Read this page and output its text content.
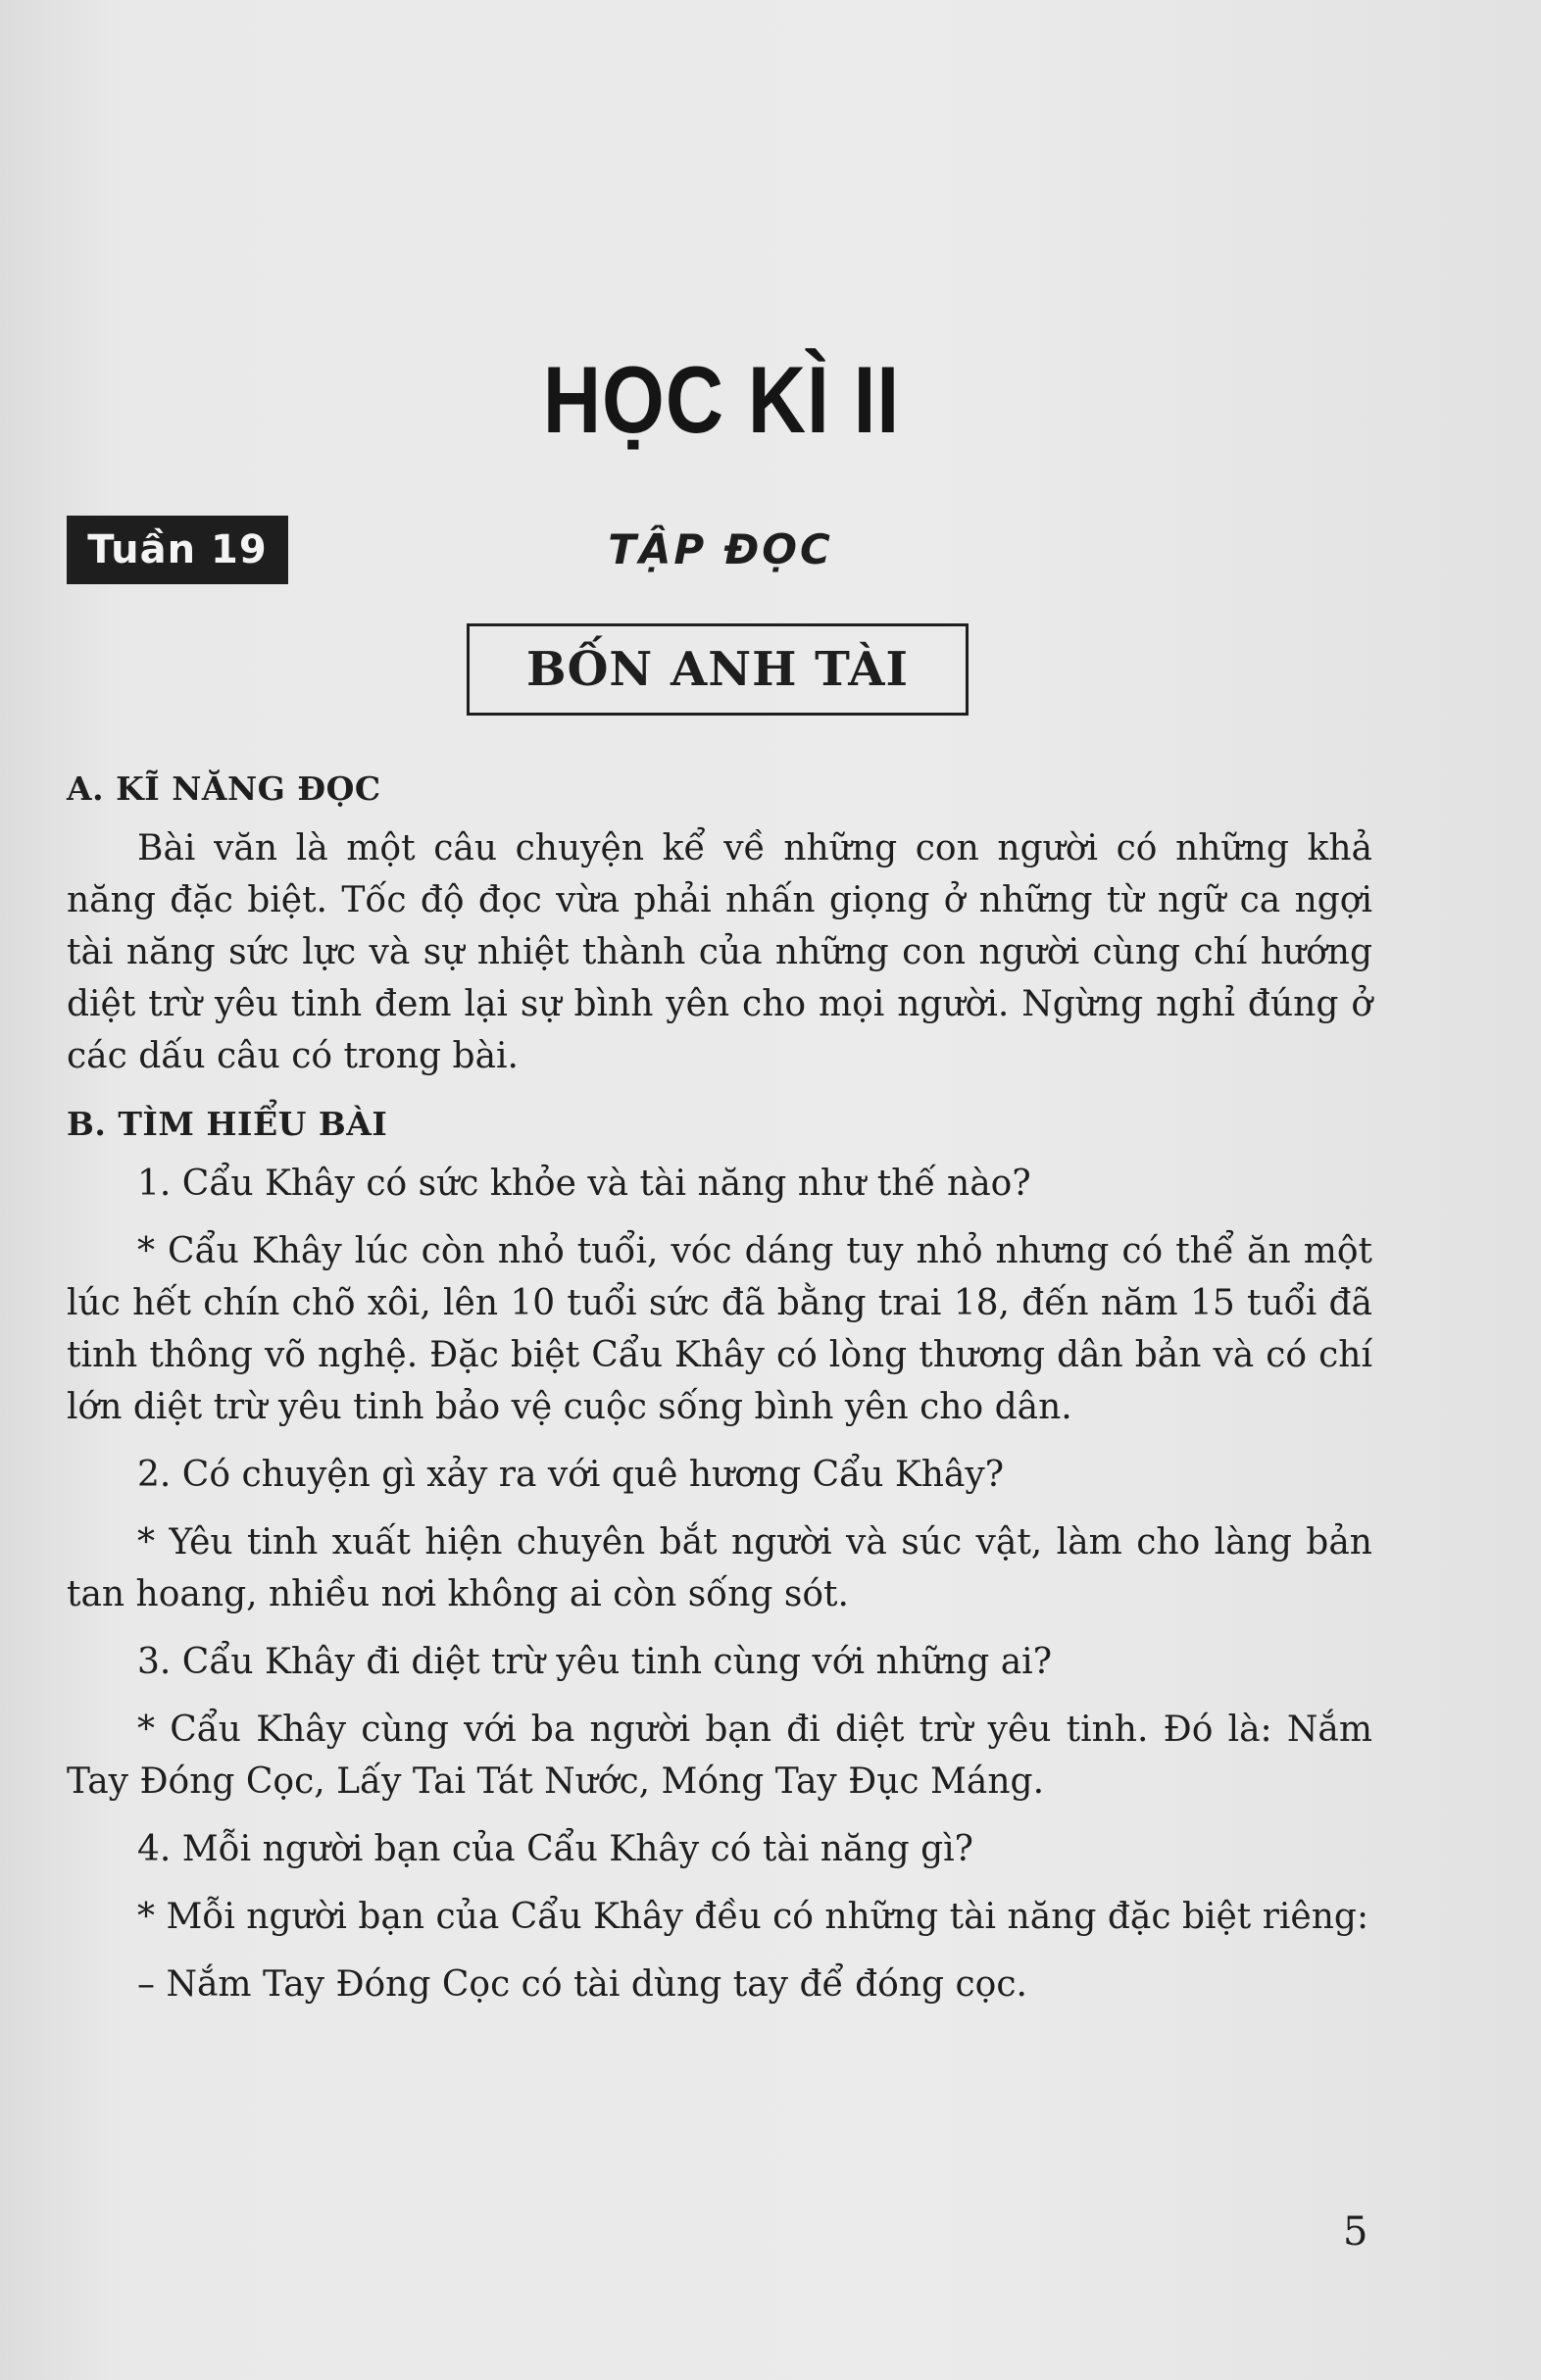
HỌC KÌ II
Tuần 19	TẬP ĐỌC
BỐN ANH TÀI
A. KĨ NĂNG ĐỌC

Bài văn là một câu chuyện kể về những con người có những khả năng đặc biệt. Tốc độ đọc vừa phải nhấn giọng ở những từ ngữ ca ngợi tài năng sức lực và sự nhiệt thành của những con người cùng chí hướng diệt trừ yêu tinh đem lại sự bình yên cho mọi người. Ngừng nghỉ đúng ở các dấu câu có trong bài.

B. TÌM HIỂU BÀI

1. Cẩu Khây có sức khỏe và tài năng như thế nào?

* Cẩu Khây lúc còn nhỏ tuổi, vóc dáng tuy nhỏ nhưng có thể ăn một lúc hết chín chõ xôi, lên 10 tuổi sức đã bằng trai 18, đến năm 15 tuổi đã tinh thông võ nghệ. Đặc biệt Cẩu Khây có lòng thương dân bản và có chí lớn diệt trừ yêu tinh bảo vệ cuộc sống bình yên cho dân.

2. Có chuyện gì xảy ra với quê hương Cẩu Khây?

* Yêu tinh xuất hiện chuyên bắt người và súc vật, làm cho làng bản tan hoang, nhiều nơi không ai còn sống sót.

3. Cẩu Khây đi diệt trừ yêu tinh cùng với những ai?

* Cẩu Khây cùng với ba người bạn đi diệt trừ yêu tinh. Đó là: Nắm Tay Đóng Cọc, Lấy Tai Tát Nước, Móng Tay Đục Máng.

4. Mỗi người bạn của Cẩu Khây có tài năng gì?

* Mỗi người bạn của Cẩu Khây đều có những tài năng đặc biệt riêng:

– Nắm Tay Đóng Cọc có tài dùng tay để đóng cọc.

5
